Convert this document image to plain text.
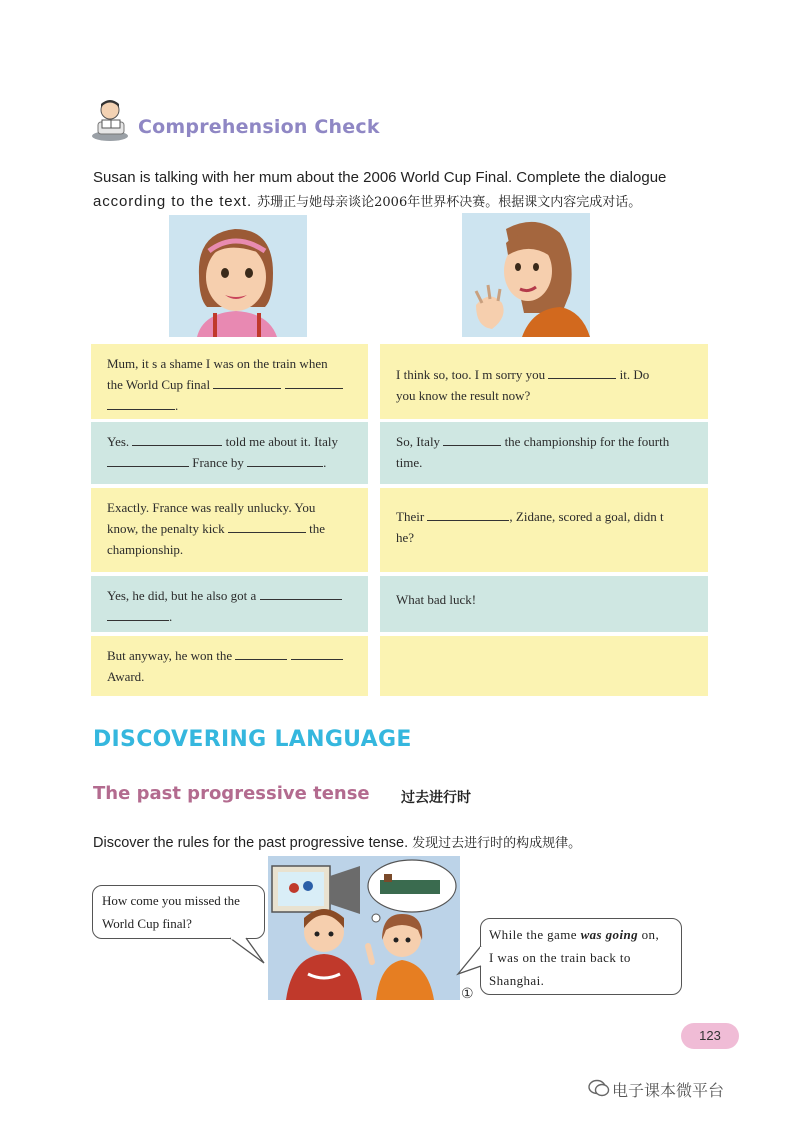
Comprehension Check
Susan is talking with her mum about the 2006 World Cup Final. Complete the dialogue
according to the text. 苏珊正与她母亲谈论2006年世界杯决赛。根据课文内容完成对话。
Mum, it s a shame I was on the train when
the World Cup final
.
I think so, too. I m sorry you	it. Do
you know the result now?
Yes.	told me about it. Italy
France by	.
So, Italy	the championship for the fourth
time.
Exactly. France was really unlucky. You
know, the penalty kick	the
championship.
Their	, Zidane, scored a goal, didn t
he?
Yes, he did, but he also got a
.
What bad luck!
But anyway, he won the
Award.
DISCOVERING LANGUAGE
The past progressive tense 过去进行时
Discover the rules for the past progressive tense. 发现过去进行时的构成规律。
How come you missed the
World Cup final?
While the game was going on,
I was on the train back to
Shanghai.
①
123
电子课本微平台
